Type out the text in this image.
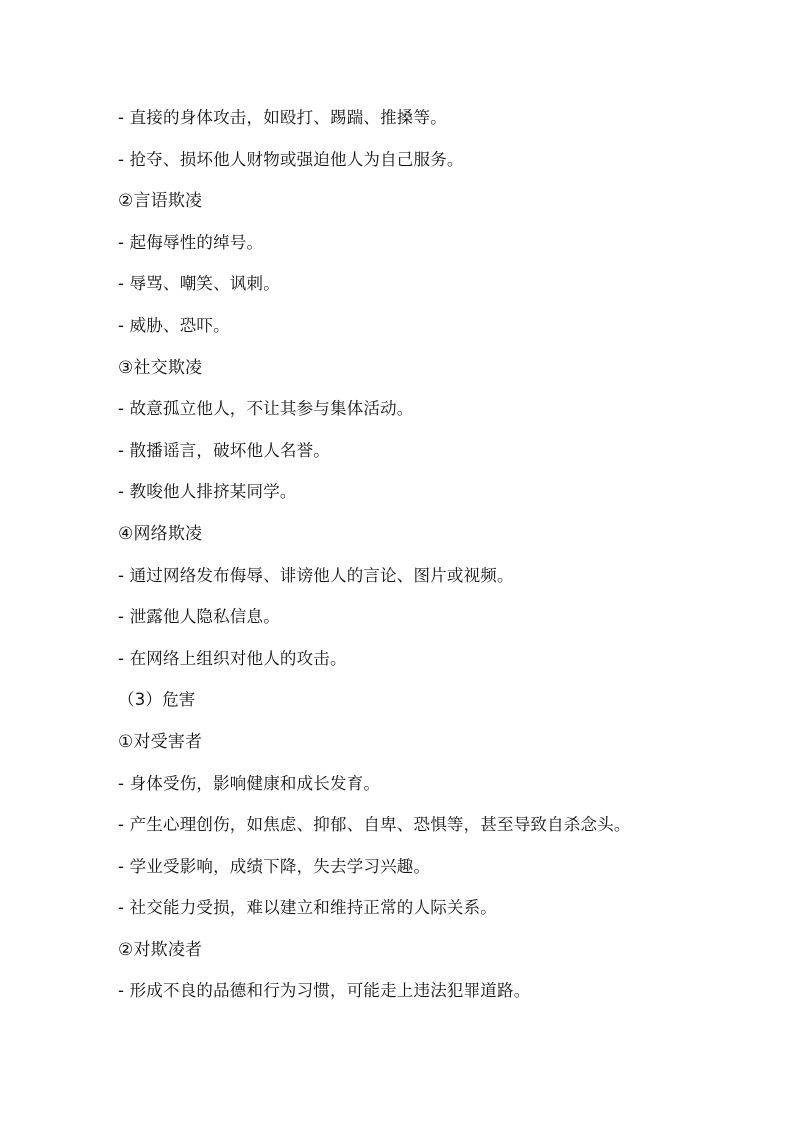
- 直接的身体攻击，如殴打、踢踹、推搡等。
- 抢夺、损坏他人财物或强迫他人为自己服务。
②言语欺凌
- 起侮辱性的绰号。
- 辱骂、嘲笑、讽刺。
- 威胁、恐吓。
③社交欺凌
- 故意孤立他人，不让其参与集体活动。
- 散播谣言，破坏他人名誉。
- 教唆他人排挤某同学。
④网络欺凌
- 通过网络发布侮辱、诽谤他人的言论、图片或视频。
- 泄露他人隐私信息。
- 在网络上组织对他人的攻击。
（3）危害
①对受害者
- 身体受伤，影响健康和成长发育。
- 产生心理创伤，如焦虑、抑郁、自卑、恐惧等，甚至导致自杀念头。
- 学业受影响，成绩下降，失去学习兴趣。
- 社交能力受损，难以建立和维持正常的人际关系。
②对欺凌者
- 形成不良的品德和行为习惯，可能走上违法犯罪道路。
